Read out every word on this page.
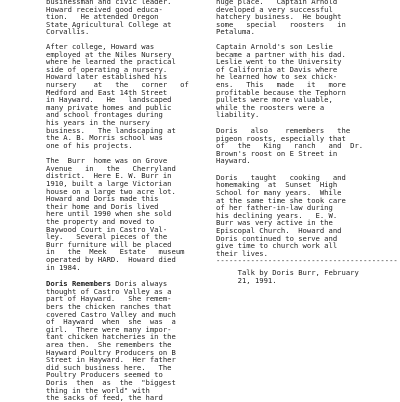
businessman and civic leader.
Howard received good educa-
tion.   He attended Oregon
State Agricultural College at
Corvallis.
After college, Howard was
employed at the Niles Nursery
where he learned the practical
side of operating a nursery.
Howard later established his
nursery    at   the   corner   of
Medford and East 14th Street
in Hayward.   He   landscaped
many private homes and public
and school frontages during
his years in the nursery
business.   The landscaping at
the A. B. Morris school was
one of his projects.
The  Burr  home was on Grove
Avenue   in   the   Cherryland
district.  Here E. W. Burr in
1910, built a large Victorian
house on a large two acre lot.
Howard and Doris made this
their home and Doris lived
here until 1990 when she sold
the property and moved to
Baywood Court in Castro Val-
ley.   Several pieces of the
Burr furniture will be placed
in   the  Meek   Estate   museum
operated by HARD.  Howard died
in 1984.
Doris Remembers Doris always
thought of Castro Valley as a
part of Hayward.   She remem-
bers the chicken ranches that
covered Castro Valley and much
of  Hayward  when  she  was  a
girl.  There were many impor-
tant chicken hatcheries in the
area then.  She remembers the
Hayward Poultry Producers on B
Street in Hayward.  Her father
did such business here.   The
Poultry Producers seemed to
Doris  then  as  the  "biggest
thing in the world" with
the sacks of feed, the hard
huge place.   Captain Arnold
developed a very successful
hatchery business.  He bought
some   special   roosters   in
Petaluma.
Captain Arnold's son Leslie
became a partner with his dad.
Leslie went to the University
of California at Davis where
he learned how to sex chick-
ens.   This   made   it   more
profitable because the Tephorn
pullets were more valuable,
while the roosters were a
liability.
Doris   also    remembers   the
pigeon roosts, especially that
of   the   King   ranch   and  Dr.
Brown's roost on E Street in
Hayward.
Doris   taught   cooking   and
homemaking  at  Sunset  High
School for many years.  While
at the same time she took care
of her father-in-law during
his declining years.   E. W.
Burr was very active in the
Episcopal Church.  Howard and
Doris continued to serve and
give time to church work all
their lives.
------------------------------------------
Talk by Doris Burr, February
21, 1991.
